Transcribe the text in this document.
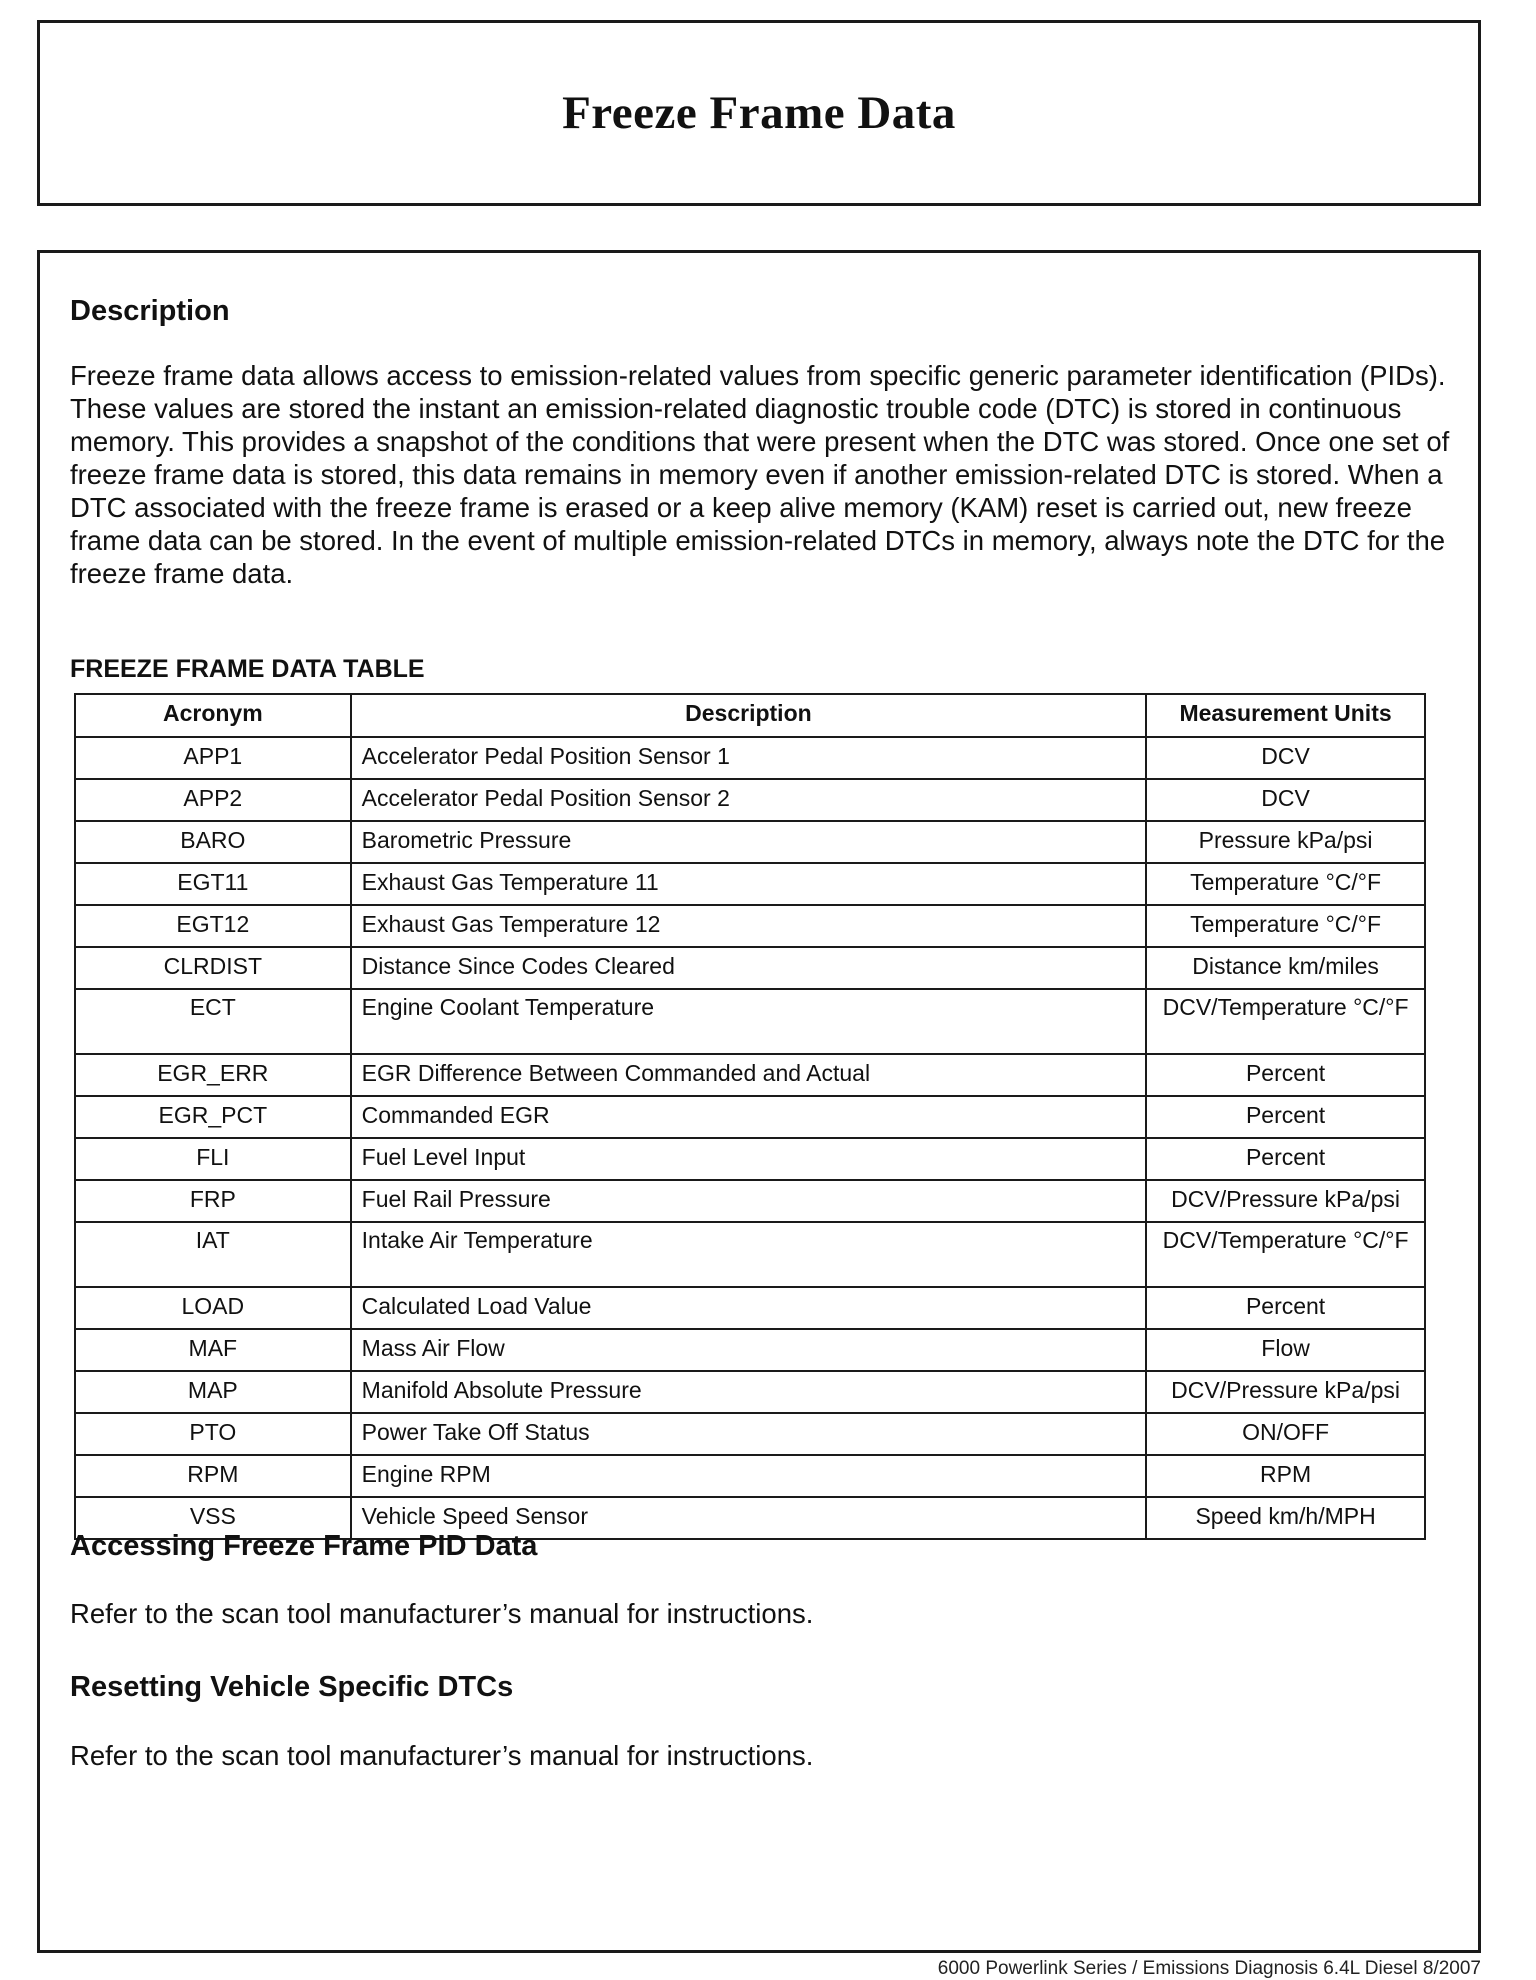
Freeze Frame Data
Description

Freeze frame data allows access to emission-related values from specific generic parameter identification (PIDs). These values are stored the instant an emission-related diagnostic trouble code (DTC) is stored in continuous memory. This provides a snapshot of the conditions that were present when the DTC was stored. Once one set of freeze frame data is stored, this data remains in memory even if another emission-related DTC is stored. When a DTC associated with the freeze frame is erased or a keep alive memory (KAM) reset is carried out, new freeze frame data can be stored. In the event of multiple emission-related DTCs in memory, always note the DTC for the freeze frame data.

FREEZE FRAME DATA TABLE

Acronym	Description	Measurement Units
APP1	Accelerator Pedal Position Sensor 1	DCV
APP2	Accelerator Pedal Position Sensor 2	DCV
BARO	Barometric Pressure	Pressure kPa/psi
EGT11	Exhaust Gas Temperature 11	Temperature °C/°F
EGT12	Exhaust Gas Temperature 12	Temperature °C/°F
CLRDIST	Distance Since Codes Cleared	Distance km/miles
ECT	Engine Coolant Temperature	DCV/Temperature °C/°F
EGR_ERR	EGR Difference Between Commanded and Actual	Percent
EGR_PCT	Commanded EGR	Percent
FLI	Fuel Level Input	Percent
FRP	Fuel Rail Pressure	DCV/Pressure kPa/psi
IAT	Intake Air Temperature	DCV/Temperature °C/°F
LOAD	Calculated Load Value	Percent
MAF	Mass Air Flow	Flow
MAP	Manifold Absolute Pressure	DCV/Pressure kPa/psi
PTO	Power Take Off Status	ON/OFF
RPM	Engine RPM	RPM
VSS	Vehicle Speed Sensor	Speed km/h/MPH
Accessing Freeze Frame PID Data

Refer to the scan tool manufacturer’s manual for instructions.

Resetting Vehicle Specific DTCs

Refer to the scan tool manufacturer’s manual for instructions.

6000 Powerlink Series / Emissions Diagnosis 6.4L Diesel 8/2007
